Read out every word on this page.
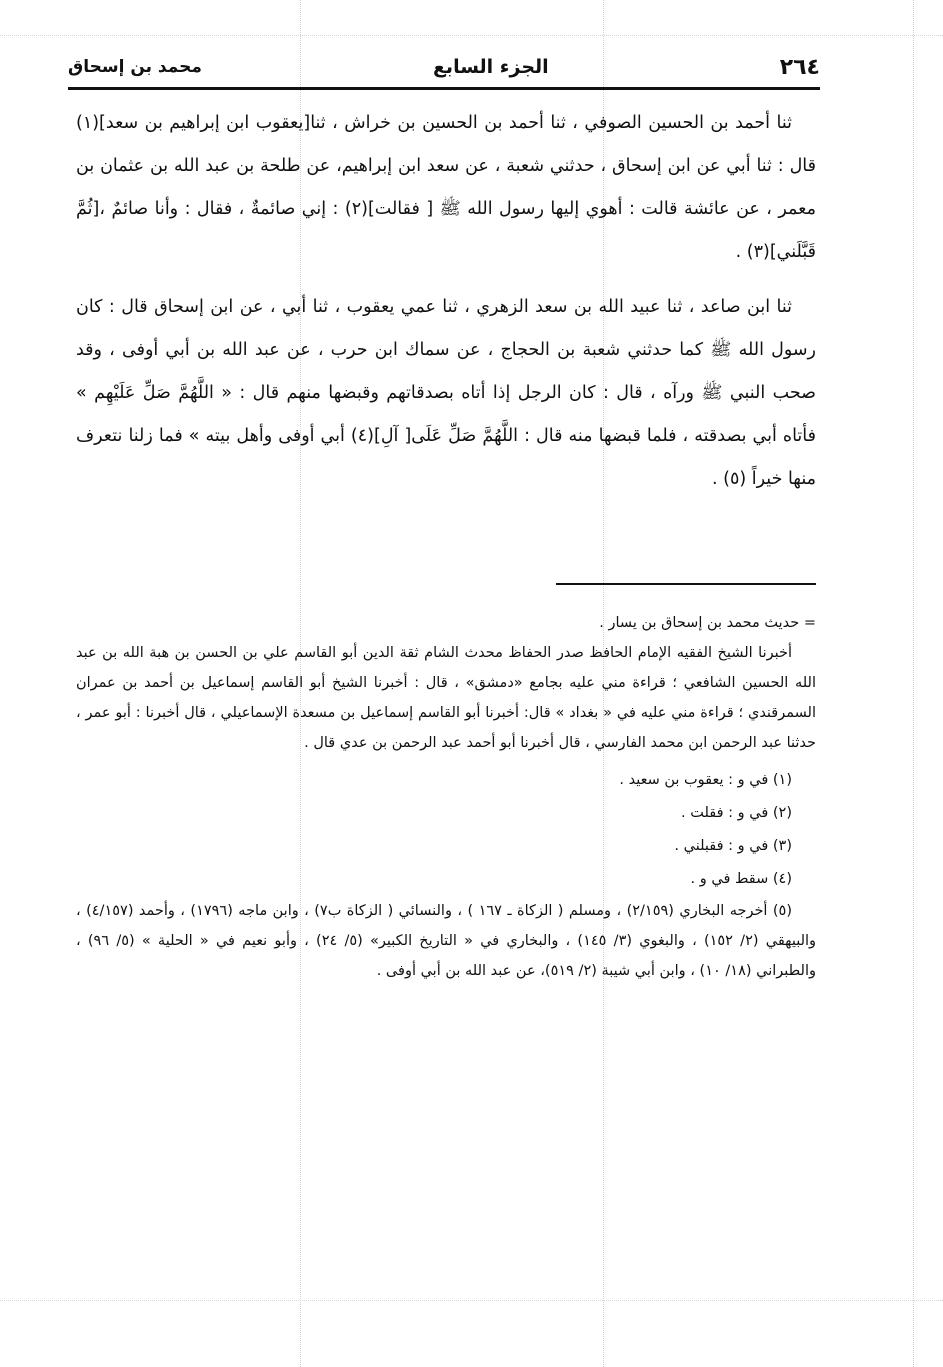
٢٦٤
الجزء السابع
محمد بن إسحاق

ثنا أحمد بن الحسين الصوفي ، ثنا أحمد بن الحسين بن خراش ، ثنا[يعقوب ابن إبراهيم بن سعد](١) قال : ثنا أبي عن ابن إسحاق ، حدثني شعبة ، عن سعد ابن إبراهيم، عن طلحة بن عبد الله بن عثمان بن معمر ، عن عائشة قالت : أهوي إليها رسول الله ﷺ [ فقالت](٢) : إني صائمةٌ ، فقال : وأنا صائمٌ ،[ثُمَّ قَبَّلَني](٣) .

ثنا ابن صاعد ، ثنا عبيد الله بن سعد الزهري ، ثنا عمي يعقوب ، ثنا أبي ، عن ابن إسحاق قال : كان رسول الله ﷺ كما حدثني شعبة بن الحجاج ، عن سماك ابن حرب ، عن عبد الله بن أبي أوفى ، وقد صحب النبي ﷺ ورآه ، قال : كان الرجل إذا أتاه بصدقاتهم وقبضها منهم قال : « اللَّهُمَّ صَلِّ عَلَيْهِم » فأتاه أبي بصدقته ، فلما قبضها منه قال : اللَّهُمَّ صَلِّ عَلَى[ آلِ](٤) أبي أوفى وأهل بيته » فما زلنا نتعرف منها خيراً (٥) .

= حديث محمد بن إسحاق بن يسار .

أخبرنا الشيخ الفقيه الإمام الحافظ صدر الحفاظ محدث الشام ثقة الدين أبو القاسم علي بن الحسن بن هبة الله بن عبد الله الحسين الشافعي ؛ قراءة مني عليه بجامع «دمشق» ، قال : أخبرنا الشيخ أبو القاسم إسماعيل بن أحمد بن عمران السمرقندي ؛ قراءة مني عليه في « بغداد » قال: أخبرنا أبو القاسم إسماعيل بن مسعدة الإسماعيلي ، قال أخبرنا : أبو عمر ، حدثنا عبد الرحمن ابن محمد الفارسي ، قال أخبرنا أبو أحمد عبد الرحمن بن عدي قال .

(١) في و : يعقوب بن سعيد .
(٢) في و : فقلت .
(٣) في و : فقبلني .
(٤) سقط في و .

(٥) أخرجه البخاري (٢/١٥٩) ، ومسلم ( الزكاة ـ ١٦٧ ) ، والنسائي ( الزكاة ب٧) ، وابن ماجه (١٧٩٦) ، وأحمد (٤/١٥٧) ، والبيهقي (٢/ ١٥٢) ، والبغوي (٣/ ١٤٥) ، والبخاري في « التاريخ الكبير» (٥/ ٢٤) ، وأبو نعيم في « الحلية » (٥/ ٩٦) ، والطبراني (١٨/ ١٠) ، وابن أبي شيبة (٢/ ٥١٩)، عن عبد الله بن أبي أوفى .
